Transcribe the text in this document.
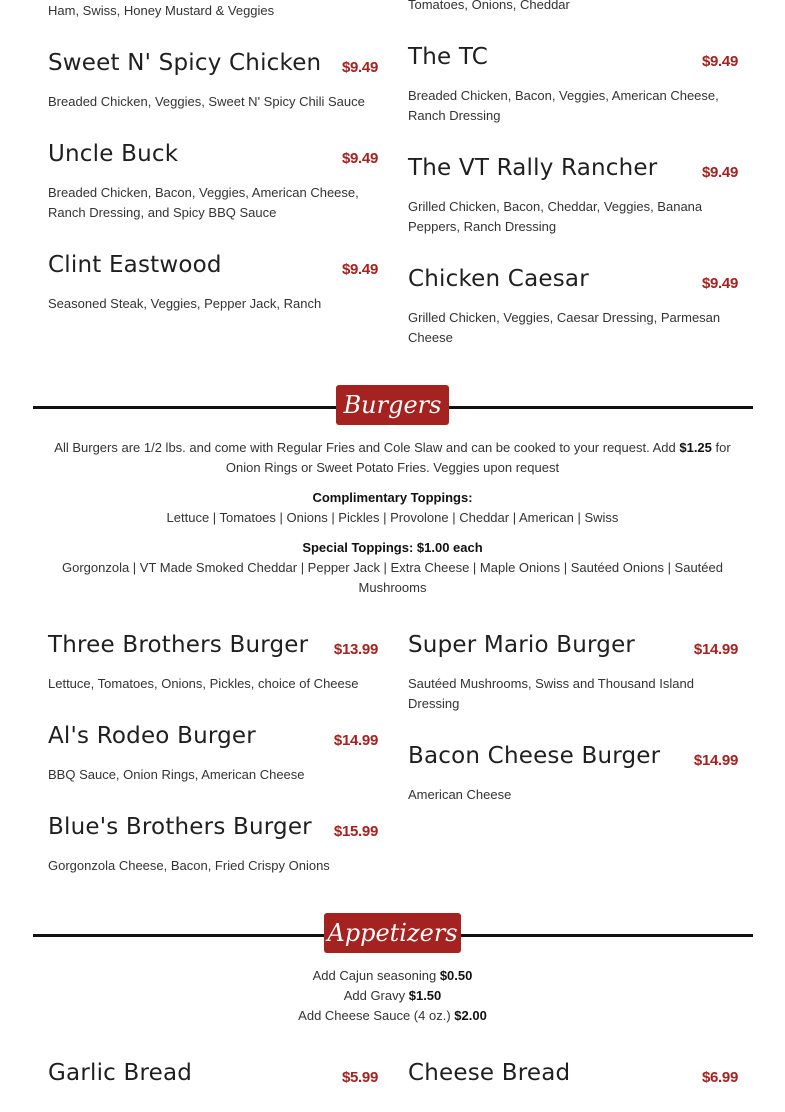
Ham, Swiss, Honey Mustard & Veggies	Tomatoes, Onions, Cheddar
Sweet N' Spicy Chicken	$9.49
Breaded Chicken, Veggies, Sweet N' Spicy Chili Sauce
Uncle Buck	$9.49
Breaded Chicken, Bacon, Veggies, American Cheese,
Ranch Dressing, and Spicy BBQ Sauce
Clint Eastwood	$9.49
Seasoned Steak, Veggies, Pepper Jack, Ranch
The TC	$9.49
Breaded Chicken, Bacon, Veggies, American Cheese,
Ranch Dressing
The VT Rally Rancher	$9.49
Grilled Chicken, Bacon, Cheddar, Veggies, Banana
Peppers, Ranch Dressing
Chicken Caesar	$9.49
Grilled Chicken, Veggies, Caesar Dressing, Parmesan
Cheese
Burgers
All Burgers are 1/2 lbs. and come with Regular Fries and Cole Slaw and can be cooked to your request. Add $1.25 for
Onion Rings or Sweet Potato Fries. Veggies upon request
Complimentary Toppings:
Lettuce | Tomatoes | Onions | Pickles | Provolone | Cheddar | American | Swiss
Special Toppings: $1.00 each
Gorgonzola | VT Made Smoked Cheddar | Pepper Jack | Extra Cheese | Maple Onions | Sautéed Onions | Sautéed
Mushrooms
Three Brothers Burger	$13.99
Lettuce, Tomatoes, Onions, Pickles, choice of Cheese
Al's Rodeo Burger	$14.99
BBQ Sauce, Onion Rings, American Cheese
Blue's Brothers Burger	$15.99
Gorgonzola Cheese, Bacon, Fried Crispy Onions
Super Mario Burger	$14.99
Sautéed Mushrooms, Swiss and Thousand Island
Dressing
Bacon Cheese Burger	$14.99
American Cheese
Appetizers
Add Cajun seasoning $0.50
Add Gravy $1.50
Add Cheese Sauce (4 oz.) $2.00
Garlic Bread	$5.99 Cheese Bread	$6.99
